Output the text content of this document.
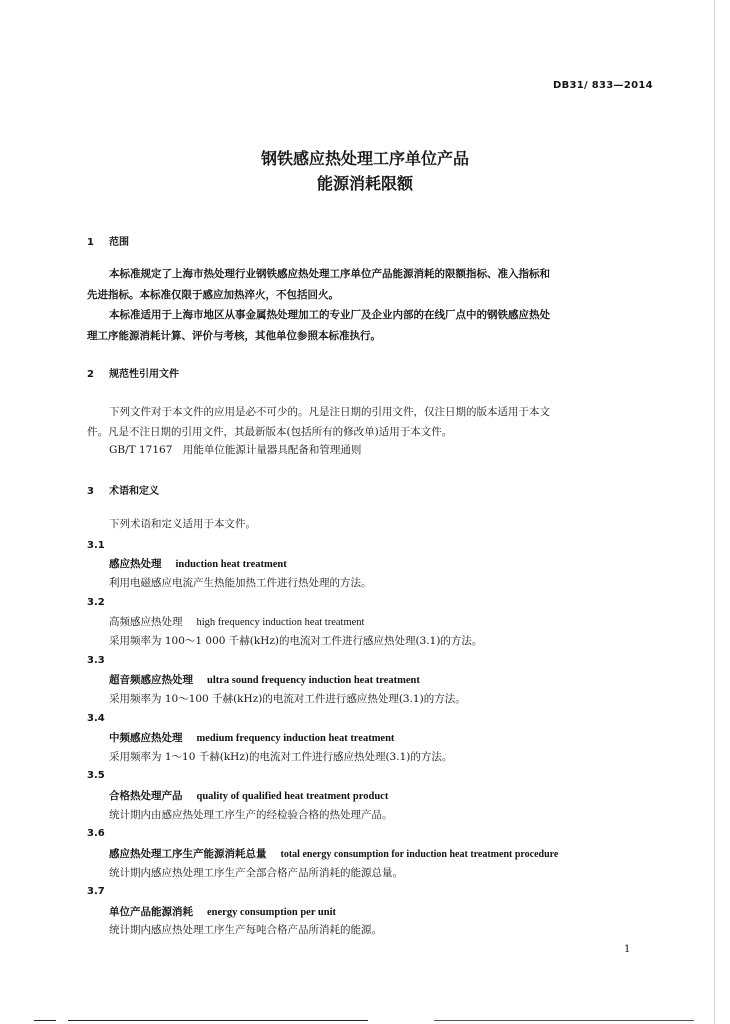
DB31/ 833—2014
钢铁感应热处理工序单位产品
能源消耗限额
1 范围
本标准规定了上海市热处理行业钢铁感应热处理工序单位产品能源消耗的限额指标、准入指标和
先进指标。本标准仅限于感应加热淬火，不包括回火。
本标准适用于上海市地区从事金属热处理加工的专业厂及企业内部的在线厂点中的钢铁感应热处
理工序能源消耗计算、评价与考核，其他单位参照本标准执行。
2 规范性引用文件
下列文件对于本文件的应用是必不可少的。凡是注日期的引用文件，仅注日期的版本适用于本文
件。凡是不注日期的引用文件，其最新版本(包括所有的修改单)适用于本文件。
GB/T 17167　用能单位能源计量器具配备和管理通则
3 术语和定义
下列术语和定义适用于本文件。
3.1
感应热处理 induction heat treatment
利用电磁感应电流产生热能加热工件进行热处理的方法。
3.2
高频感应热处理 high frequency induction heat treatment
采用频率为 100～1 000 千赫(kHz)的电流对工件进行感应热处理(3.1)的方法。
3.3
超音频感应热处理 ultra sound frequency induction heat treatment
采用频率为 10～100 千赫(kHz)的电流对工件进行感应热处理(3.1)的方法。
3.4
中频感应热处理 medium frequency induction heat treatment
采用频率为 1～10 千赫(kHz)的电流对工件进行感应热处理(3.1)的方法。
3.5
合格热处理产品 quality of qualified heat treatment product
统计期内由感应热处理工序生产的经检验合格的热处理产品。
3.6
感应热处理工序生产能源消耗总量 total energy consumption for induction heat treatment procedure
统计期内感应热处理工序生产全部合格产品所消耗的能源总量。
3.7
单位产品能源消耗 energy consumption per unit
统计期内感应热处理工序生产每吨合格产品所消耗的能源。
1
